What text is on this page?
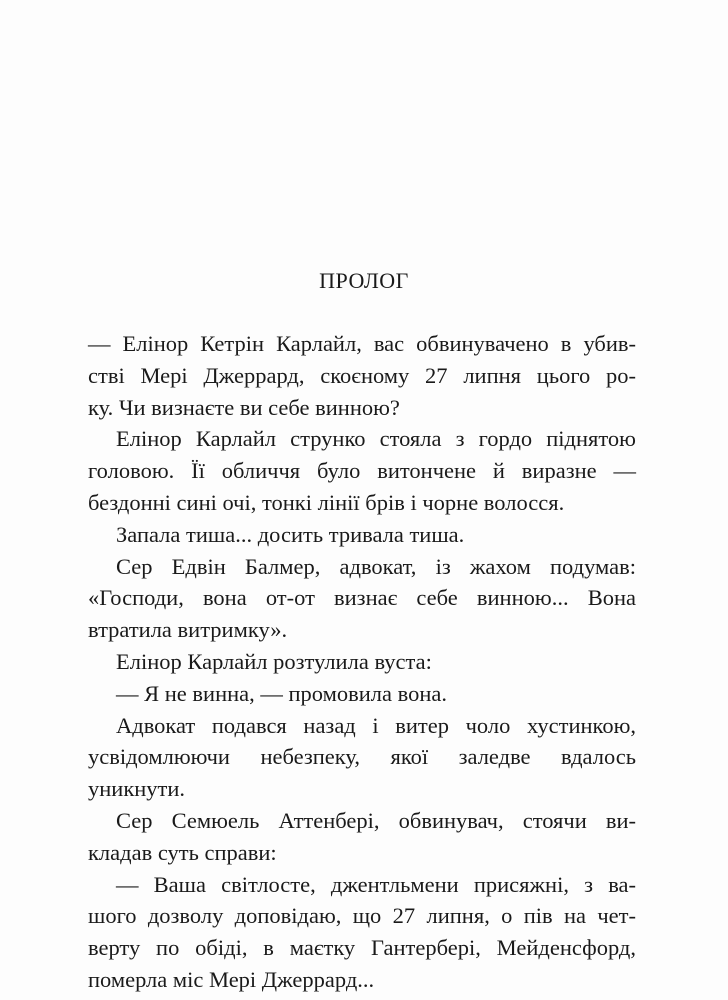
ПРОЛОГ
— Елінор Кетрін Карлайл, вас обвинувачено в убив-
стві Мері Джеррард, скоєному 27 липня цього ро-
ку. Чи визнаєте ви себе винною?
Елінор Карлайл струнко стояла з гордо піднятою
головою. Її обличчя було витончене й виразне —
бездонні сині очі, тонкі лінії брів і чорне волосся.
Запала тиша... досить тривала тиша.
Сер Едвін Балмер, адвокат, із жахом подумав:
«Господи, вона от-от визнає себе винною... Вона
втратила витримку».
Елінор Карлайл розтулила вуста:
— Я не винна, — промовила вона.
Адвокат подався назад і витер чоло хустинкою,
усвідомлюючи небезпеку, якої заледве вдалось
уникнути.
Сер Семюель Аттенбері, обвинувач, стоячи ви-
кладав суть справи:
— Ваша світлосте, джентльмени присяжні, з ва-
шого дозволу доповідаю, що 27 липня, о пів на чет-
верту по обіді, в маєтку Гантербері, Мейденсфорд,
померла міс Мері Джеррард...
